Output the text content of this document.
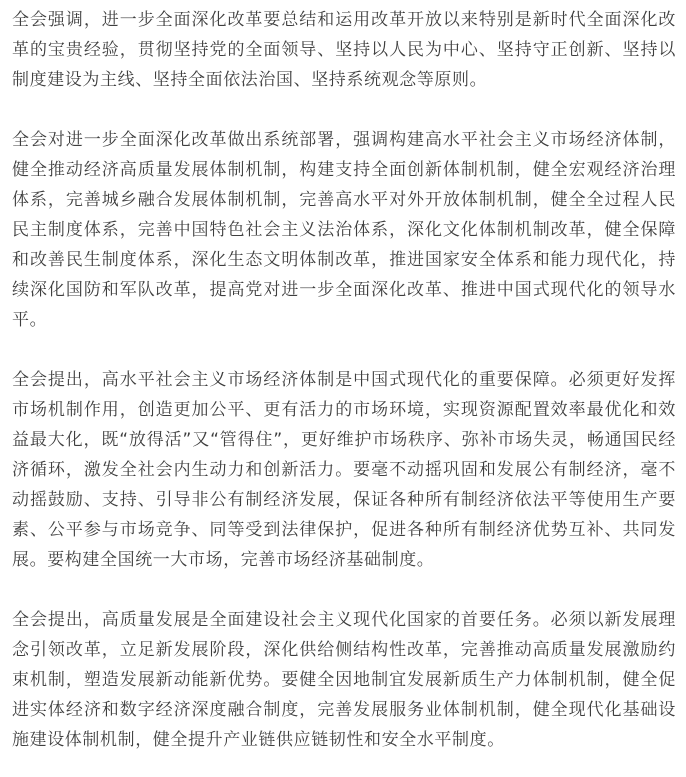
全会强调，进一步全面深化改革要总结和运用改革开放以来特别是新时代全面深化改革的宝贵经验，贯彻坚持党的全面领导、坚持以人民为中心、坚持守正创新、坚持以制度建设为主线、坚持全面依法治国、坚持系统观念等原则。

全会对进一步全面深化改革做出系统部署，强调构建高水平社会主义市场经济体制，健全推动经济高质量发展体制机制，构建支持全面创新体制机制，健全宏观经济治理体系，完善城乡融合发展体制机制，完善高水平对外开放体制机制，健全全过程人民民主制度体系，完善中国特色社会主义法治体系，深化文化体制机制改革，健全保障和改善民生制度体系，深化生态文明体制改革，推进国家安全体系和能力现代化，持续深化国防和军队改革，提高党对进一步全面深化改革、推进中国式现代化的领导水平。

全会提出，高水平社会主义市场经济体制是中国式现代化的重要保障。必须更好发挥市场机制作用，创造更加公平、更有活力的市场环境，实现资源配置效率最优化和效益最大化，既“放得活”又“管得住”，更好维护市场秩序、弥补市场失灵，畅通国民经济循环，激发全社会内生动力和创新活力。要毫不动摇巩固和发展公有制经济，毫不动摇鼓励、支持、引导非公有制经济发展，保证各种所有制经济依法平等使用生产要素、公平参与市场竞争、同等受到法律保护，促进各种所有制经济优势互补、共同发展。要构建全国统一大市场，完善市场经济基础制度。

全会提出，高质量发展是全面建设社会主义现代化国家的首要任务。必须以新发展理念引领改革，立足新发展阶段，深化供给侧结构性改革，完善推动高质量发展激励约束机制，塑造发展新动能新优势。要健全因地制宜发展新质生产力体制机制，健全促进实体经济和数字经济深度融合制度，完善发展服务业体制机制，健全现代化基础设施建设体制机制，健全提升产业链供应链韧性和安全水平制度。
